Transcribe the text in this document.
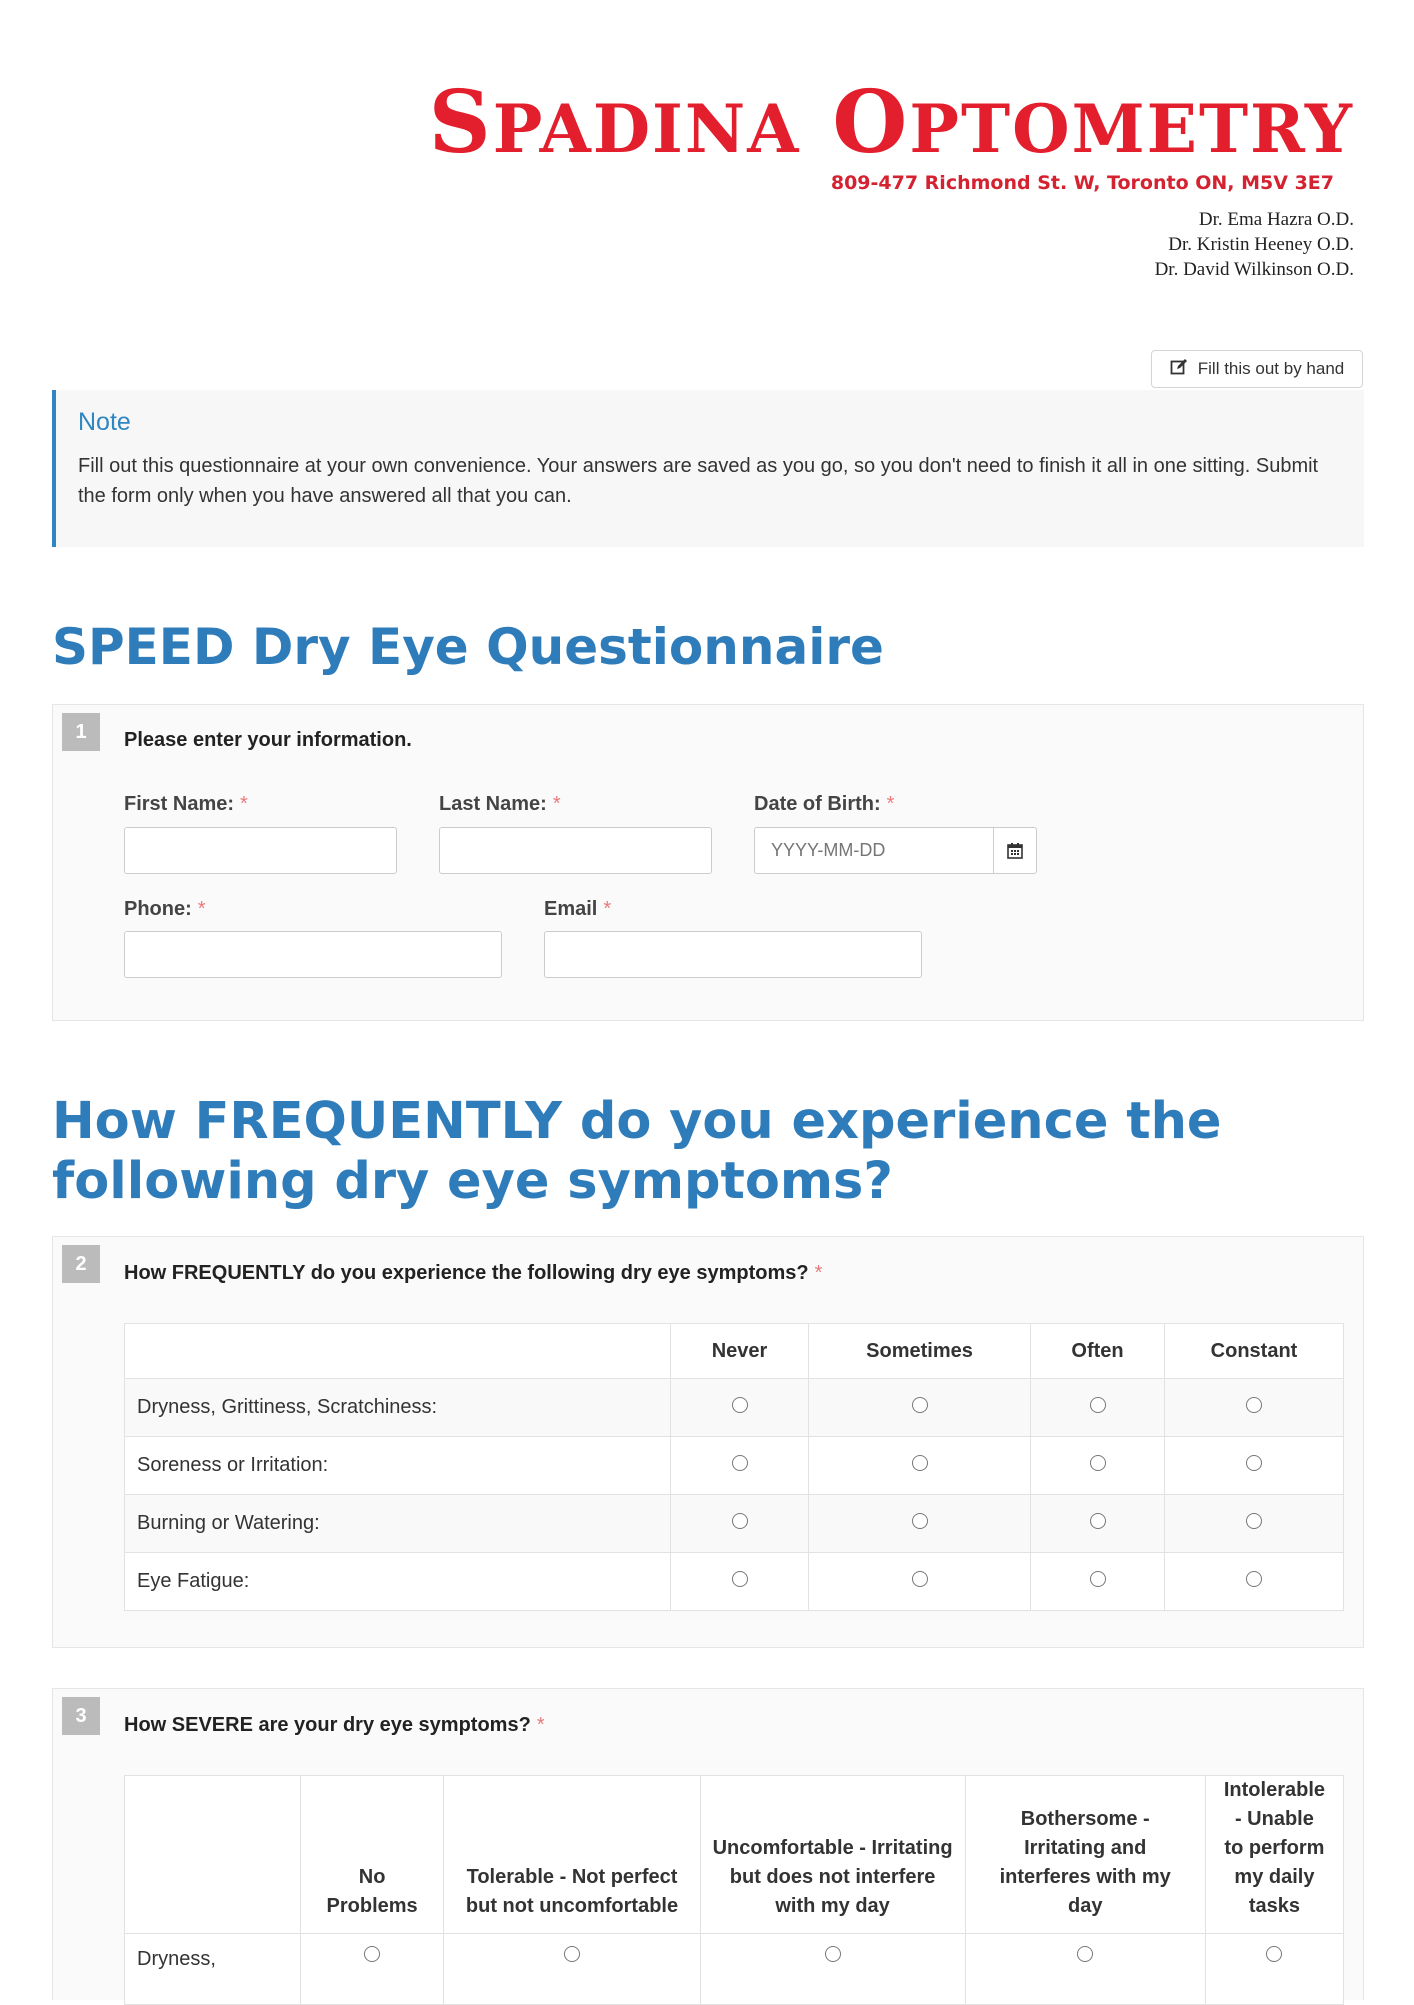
SPADINA OPTOMETRY
809-477 Richmond St. W, Toronto ON, M5V 3E7
Dr. Ema Hazra O.D.
Dr. Kristin Heeney O.D.
Dr. David Wilkinson O.D.
Fill this out by hand
Note
Fill out this questionnaire at your own convenience. Your answers are saved as you go, so you don't need to finish it all in one sitting. Submit the form only when you have answered all that you can.
SPEED Dry Eye Questionnaire
1	Please enter your information.
First Name: *	Last Name: *	Date of Birth: *
YYYY-MM-DD
Phone: *	Email *
How FREQUENTLY do you experience the following dry eye symptoms?
2	How FREQUENTLY do you experience the following dry eye symptoms? *
	Never	Sometimes	Often	Constant
Dryness, Grittiness, Scratchiness:				
Soreness or Irritation:				
Burning or Watering:				
Eye Fatigue:				
3	How SEVERE are your dry eye symptoms? *
	No Problems	Tolerable - Not perfect but not uncomfortable	Uncomfortable - Irritating but does not interfere with my day	Bothersome - Irritating and interferes with my day	Intolerable - Unable to perform my daily tasks
Dryness,					
